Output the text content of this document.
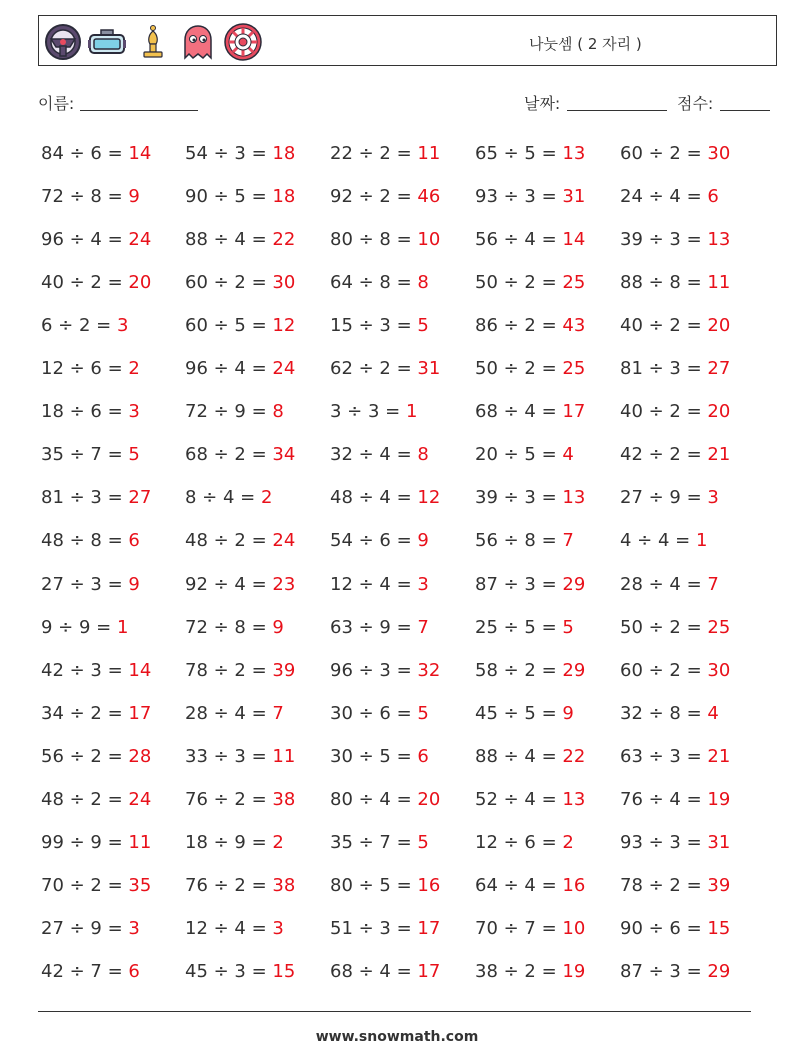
나눗셈 ( 2 자리 )
이름:	날짜:	점수:
84 ÷ 6 = 14 54 ÷ 3 = 18 22 ÷ 2 = 11 65 ÷ 5 = 13 60 ÷ 2 = 30
72 ÷ 8 = 9	90 ÷ 5 = 18 92 ÷ 2 = 46 93 ÷ 3 = 31 24 ÷ 4 = 6
96 ÷ 4 = 24 88 ÷ 4 = 22 80 ÷ 8 = 10 56 ÷ 4 = 14 39 ÷ 3 = 13
40 ÷ 2 = 20 60 ÷ 2 = 30 64 ÷ 8 = 8	50 ÷ 2 = 25 88 ÷ 8 = 11
6 ÷ 2 = 3	60 ÷ 5 = 12 15 ÷ 3 = 5	86 ÷ 2 = 43 40 ÷ 2 = 20
12 ÷ 6 = 2	96 ÷ 4 = 24 62 ÷ 2 = 31 50 ÷ 2 = 25 81 ÷ 3 = 27
18 ÷ 6 = 3	72 ÷ 9 = 8	3 ÷ 3 = 1	68 ÷ 4 = 17 40 ÷ 2 = 20
35 ÷ 7 = 5	68 ÷ 2 = 34 32 ÷ 4 = 8	20 ÷ 5 = 4	42 ÷ 2 = 21
81 ÷ 3 = 27 8 ÷ 4 = 2	48 ÷ 4 = 12 39 ÷ 3 = 13 27 ÷ 9 = 3
48 ÷ 8 = 6	48 ÷ 2 = 24 54 ÷ 6 = 9	56 ÷ 8 = 7	4 ÷ 4 = 1
27 ÷ 3 = 9	92 ÷ 4 = 23 12 ÷ 4 = 3	87 ÷ 3 = 29 28 ÷ 4 = 7
9 ÷ 9 = 1	72 ÷ 8 = 9	63 ÷ 9 = 7	25 ÷ 5 = 5	50 ÷ 2 = 25
42 ÷ 3 = 14 78 ÷ 2 = 39 96 ÷ 3 = 32 58 ÷ 2 = 29 60 ÷ 2 = 30
34 ÷ 2 = 17 28 ÷ 4 = 7	30 ÷ 6 = 5	45 ÷ 5 = 9	32 ÷ 8 = 4
56 ÷ 2 = 28 33 ÷ 3 = 11 30 ÷ 5 = 6	88 ÷ 4 = 22 63 ÷ 3 = 21
48 ÷ 2 = 24 76 ÷ 2 = 38 80 ÷ 4 = 20 52 ÷ 4 = 13 76 ÷ 4 = 19
99 ÷ 9 = 11 18 ÷ 9 = 2	35 ÷ 7 = 5	12 ÷ 6 = 2	93 ÷ 3 = 31
70 ÷ 2 = 35 76 ÷ 2 = 38 80 ÷ 5 = 16 64 ÷ 4 = 16 78 ÷ 2 = 39
27 ÷ 9 = 3	12 ÷ 4 = 3	51 ÷ 3 = 17 70 ÷ 7 = 10 90 ÷ 6 = 15
42 ÷ 7 = 6	45 ÷ 3 = 15 68 ÷ 4 = 17 38 ÷ 2 = 19 87 ÷ 3 = 29
www.snowmath.com
